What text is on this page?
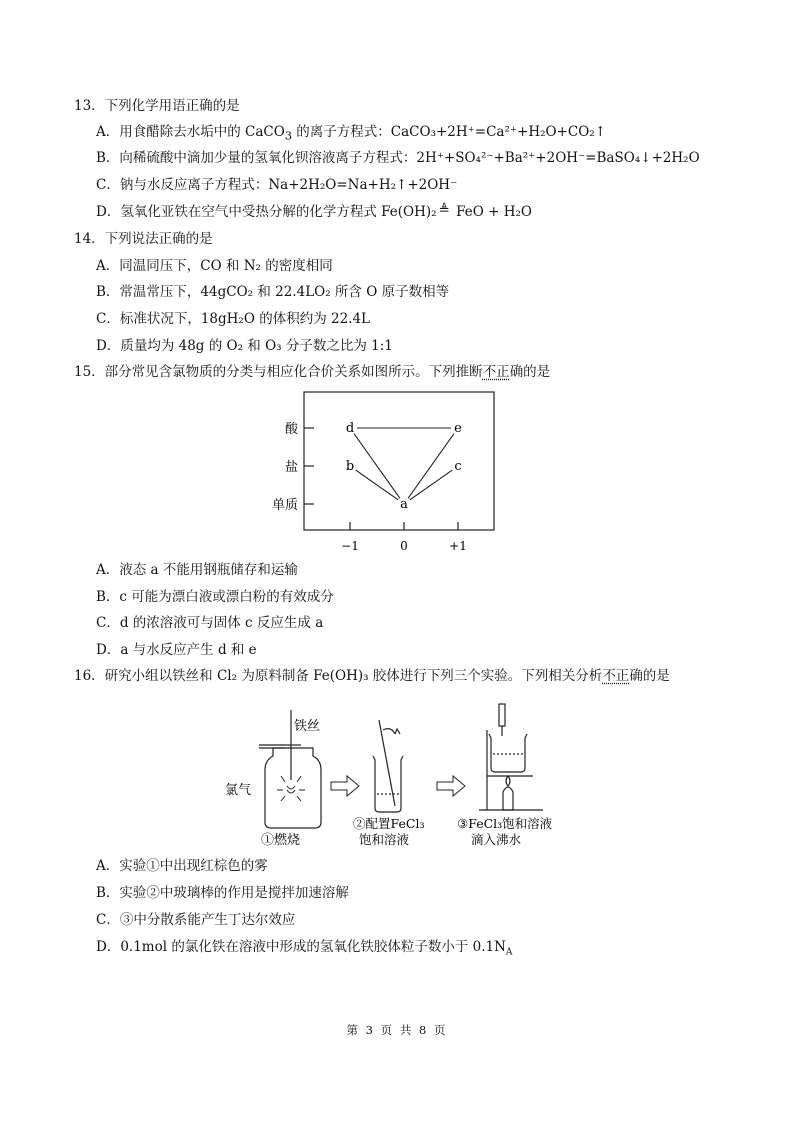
13．下列化学用语正确的是
A．用食醋除去水垢中的 CaCO$_3$ 的离子方程式：CaCO₃+2H⁺=Ca²⁺+H₂O+CO₂↑
B．向稀硫酸中滴加少量的氢氧化钡溶液离子方程式：2H⁺+SO₄²⁻+Ba²⁺+2OH⁻=BaSO₄↓+2H₂O
C．钠与水反应离子方程式：Na+2H₂O=Na+H₂↑+2OH⁻
D．氢氧化亚铁在空气中受热分解的化学方程式 Fe(OH)₂ ≜ FeO + H₂O
14．下列说法正确的是
A．同温同压下，CO 和 N₂ 的密度相同
B．常温常压下，44gCO₂ 和 22.4LO₂ 所含 O 原子数相等
C．标准状况下，18gH₂O 的体积约为 22.4L
D．质量均为 48g 的 O₂ 和 O₃ 分子数之比为 1:1
15．部分常见含氯物质的分类与相应化合价关系如图所示。下列推断不正确的是
酸
盐
单质
−1	0	+1
a
b	c
d	e
A．液态 a 不能用钢瓶储存和运输
B．c 可能为漂白液或漂白粉的有效成分
C．d 的浓溶液可与固体 c 反应生成 a
D．a 与水反应产生 d 和 e
16．研究小组以铁丝和 Cl₂ 为原料制备 Fe(OH)₃ 胶体进行下列三个实验。下列相关分析不正确的是
铁丝
氯气
①燃烧
②配置FeCl₃
饱和溶液
③FeCl₃饱和溶液
滴入沸水
A．实验①中出现红棕色的雾
B．实验②中玻璃棒的作用是搅拌加速溶解
C．③中分散系能产生丁达尔效应
D．0.1mol 的氯化铁在溶液中形成的氢氧化铁胶体粒子数小于 $0.1N_A$
第 3 页 共 8 页
